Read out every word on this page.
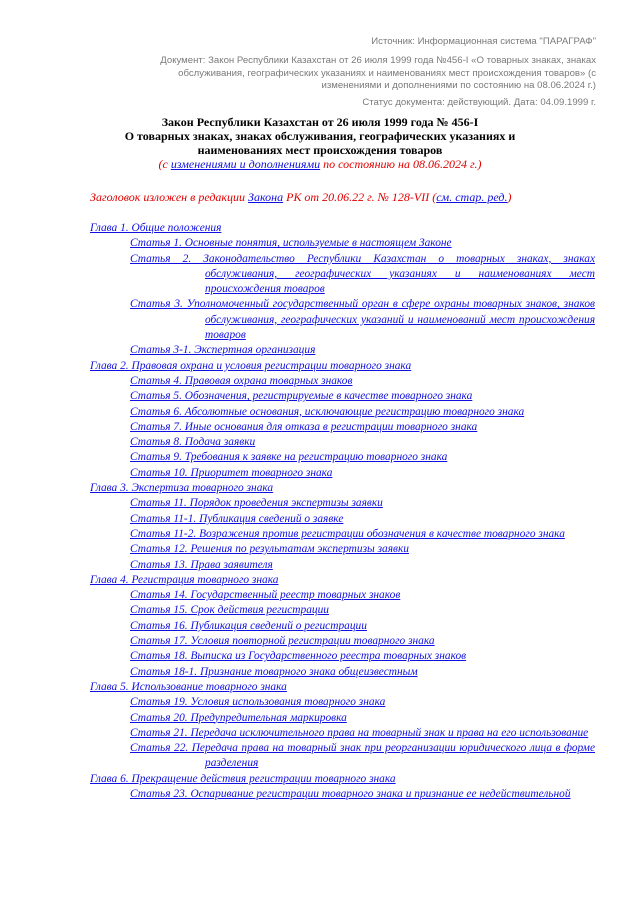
Источник: Информационная система "ПАРАГРАФ"
Документ: Закон Республики Казахстан от 26 июля 1999 года №456-I «О товарных знаках, знаках
обслуживания, географических указаниях и наименованиях мест происхождения товаров» (с
изменениями и дополнениями по состоянию на 08.06.2024 г.)
Статус документа: действующий. Дата: 04.09.1999 г.
Закон Республики Казахстан от 26 июля 1999 года № 456-I
О товарных знаках, знаках обслуживания, географических указаниях и
наименованиях мест происхождения товаров
(с изменениями и дополнениями по состоянию на 08.06.2024 г.)
Заголовок изложен в редакции Закона РК от 20.06.22 г. № 128-VII (см. стар. ред.)

Глава 1. Общие положения

Статья 1. Основные понятия, используемые в настоящем Законе

Статья 2. Законодательство Республики Казахстан о товарных знаках, знаках обслуживания, географических указаниях и наименованиях мест происхождения товаров

Статья 3. Уполномоченный государственный орган в сфере охраны товарных знаков, знаков обслуживания, географических указаний и наименований мест происхождения товаров

Статья 3-1. Экспертная организация

Глава 2. Правовая охрана и условия регистрации товарного знака

Статья 4. Правовая охрана товарных знаков

Статья 5. Обозначения, регистрируемые в качестве товарного знака

Статья 6. Абсолютные основания, исключающие регистрацию товарного знака

Статья 7. Иные основания для отказа в регистрации товарного знака

Статья 8. Подача заявки

Статья 9. Требования к заявке на регистрацию товарного знака

Статья 10. Приоритет товарного знака

Глава 3. Экспертиза товарного знака

Статья 11. Порядок проведения экспертизы заявки

Статья 11-1. Публикация сведений о заявке

Статья 11-2. Возражения против регистрации обозначения в качестве товарного знака

Статья 12. Решения по результатам экспертизы заявки

Статья 13. Права заявителя

Глава 4. Регистрация товарного знака

Статья 14. Государственный реестр товарных знаков

Статья 15. Срок действия регистрации

Статья 16. Публикация сведений о регистрации

Статья 17. Условия повторной регистрации товарного знака

Статья 18. Выписка из Государственного реестра товарных знаков

Статья 18-1. Признание товарного знака общеизвестным

Глава 5. Использование товарного знака

Статья 19. Условия использования товарного знака

Статья 20. Предупредительная маркировка

Статья 21. Передача исключительного права на товарный знак и права на его использование

Статья 22. Передача права на товарный знак при реорганизации юридического лица в форме разделения

Глава 6. Прекращение действия регистрации товарного знака

Статья 23. Оспаривание регистрации товарного знака и признание ее недействительной
